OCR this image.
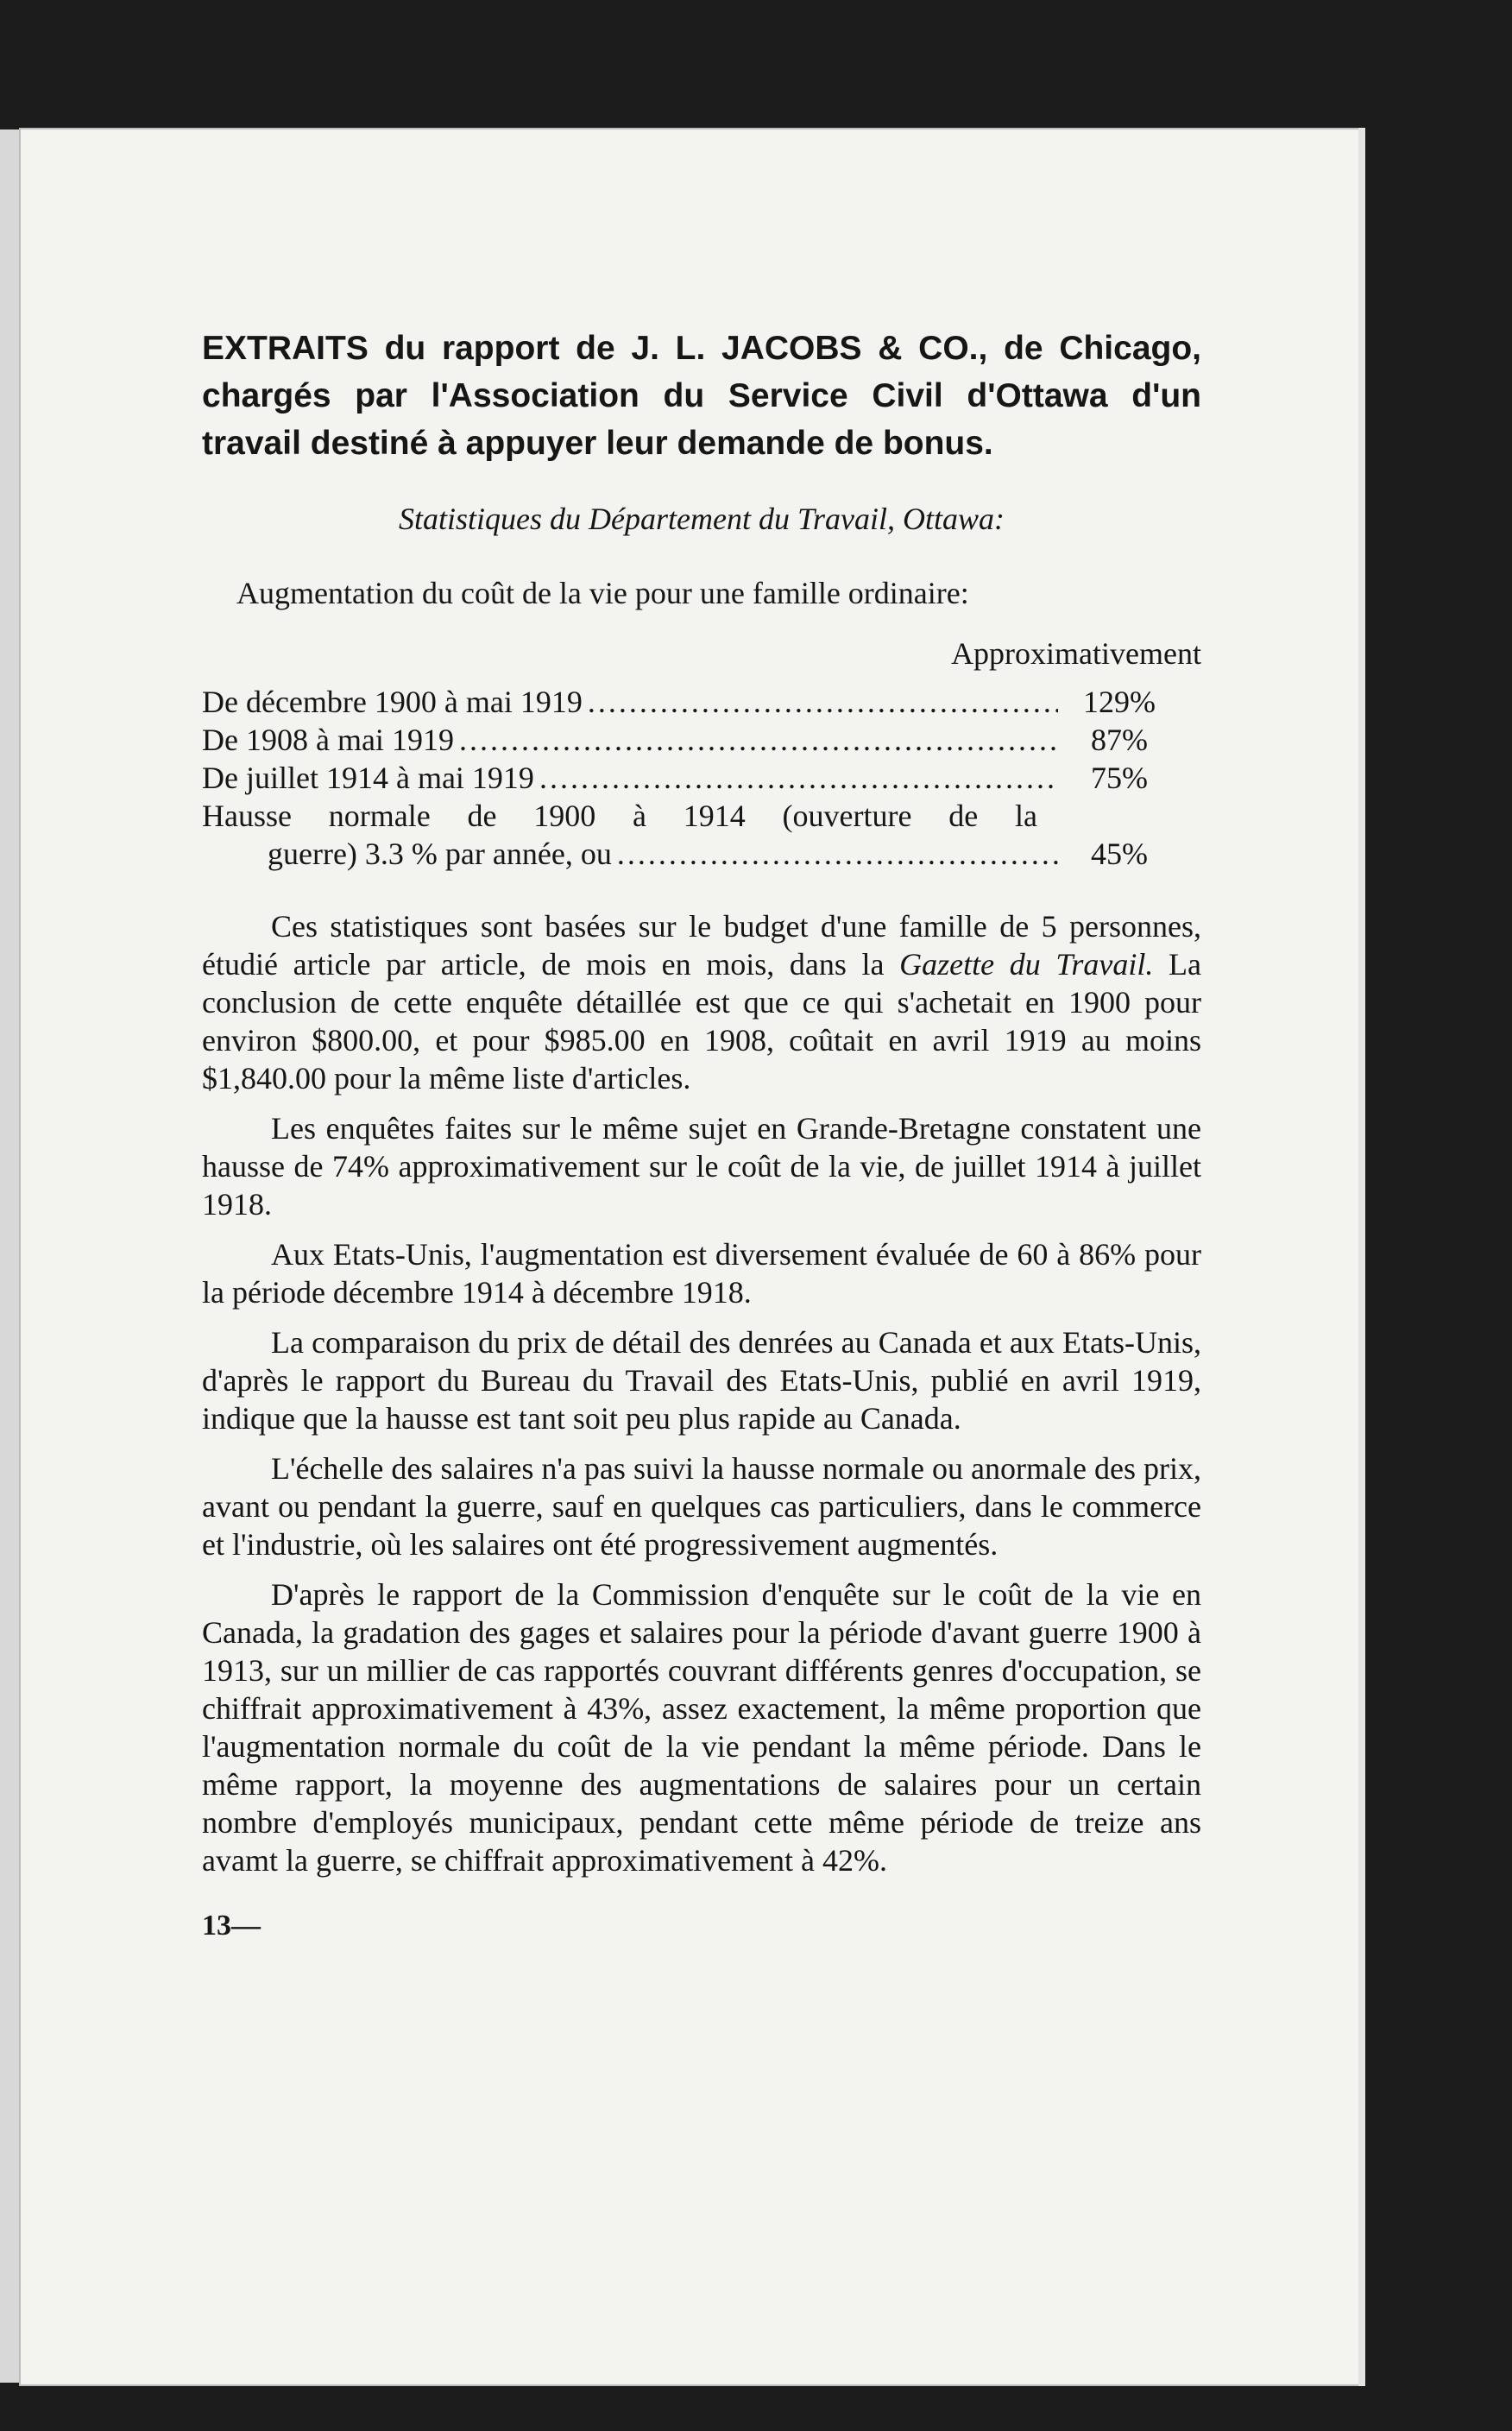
EXTRAITS du rapport de J. L. JACOBS & CO., de Chicago, chargés par l'Association du Service Civil d'Ottawa d'un travail destiné à appuyer leur demande de bonus.
Statistiques du Département du Travail, Ottawa:
Augmentation du coût de la vie pour une famille ordinaire:
Approximativement
De décembre 1900 à mai 1919 .....	129%
De 1908 à mai 1919 .....	87%
De juillet 1914 à mai 1919 .....	75%
Hausse normale de 1900 à 1914 (ouverture de la
guerre) 3.3 % par année, ou .....	45%

Ces statistiques sont basées sur le budget d'une famille de 5 personnes, étudié article par article, de mois en mois, dans la Gazette du Travail. La conclusion de cette enquête détaillée est que ce qui s'achetait en 1900 pour environ $800.00, et pour $985.00 en 1908, coûtait en avril 1919 au moins $1,840.00 pour la même liste d'articles.

Les enquêtes faites sur le même sujet en Grande-Bretagne constatent une hausse de 74% approximativement sur le coût de la vie, de juillet 1914 à juillet 1918.

Aux Etats-Unis, l'augmentation est diversement évaluée de 60 à 86% pour la période décembre 1914 à décembre 1918.

La comparaison du prix de détail des denrées au Canada et aux Etats-Unis, d'après le rapport du Bureau du Travail des Etats-Unis, publié en avril 1919, indique que la hausse est tant soit peu plus rapide au Canada.

L'échelle des salaires n'a pas suivi la hausse normale ou anormale des prix, avant ou pendant la guerre, sauf en quelques cas particuliers, dans le commerce et l'industrie, où les salaires ont été progressivement augmentés.

D'après le rapport de la Commission d'enquête sur le coût de la vie en Canada, la gradation des gages et salaires pour la période d'avant guerre 1900 à 1913, sur un millier de cas rapportés couvrant différents genres d'occupation, se chiffrait approximativement à 43%, assez exactement, la même proportion que l'augmentation normale du coût de la vie pendant la même période. Dans le même rapport, la moyenne des augmentations de salaires pour un certain nombre d'employés municipaux, pendant cette même période de treize ans avamt la guerre, se chiffrait approximativement à 42%.

13—
